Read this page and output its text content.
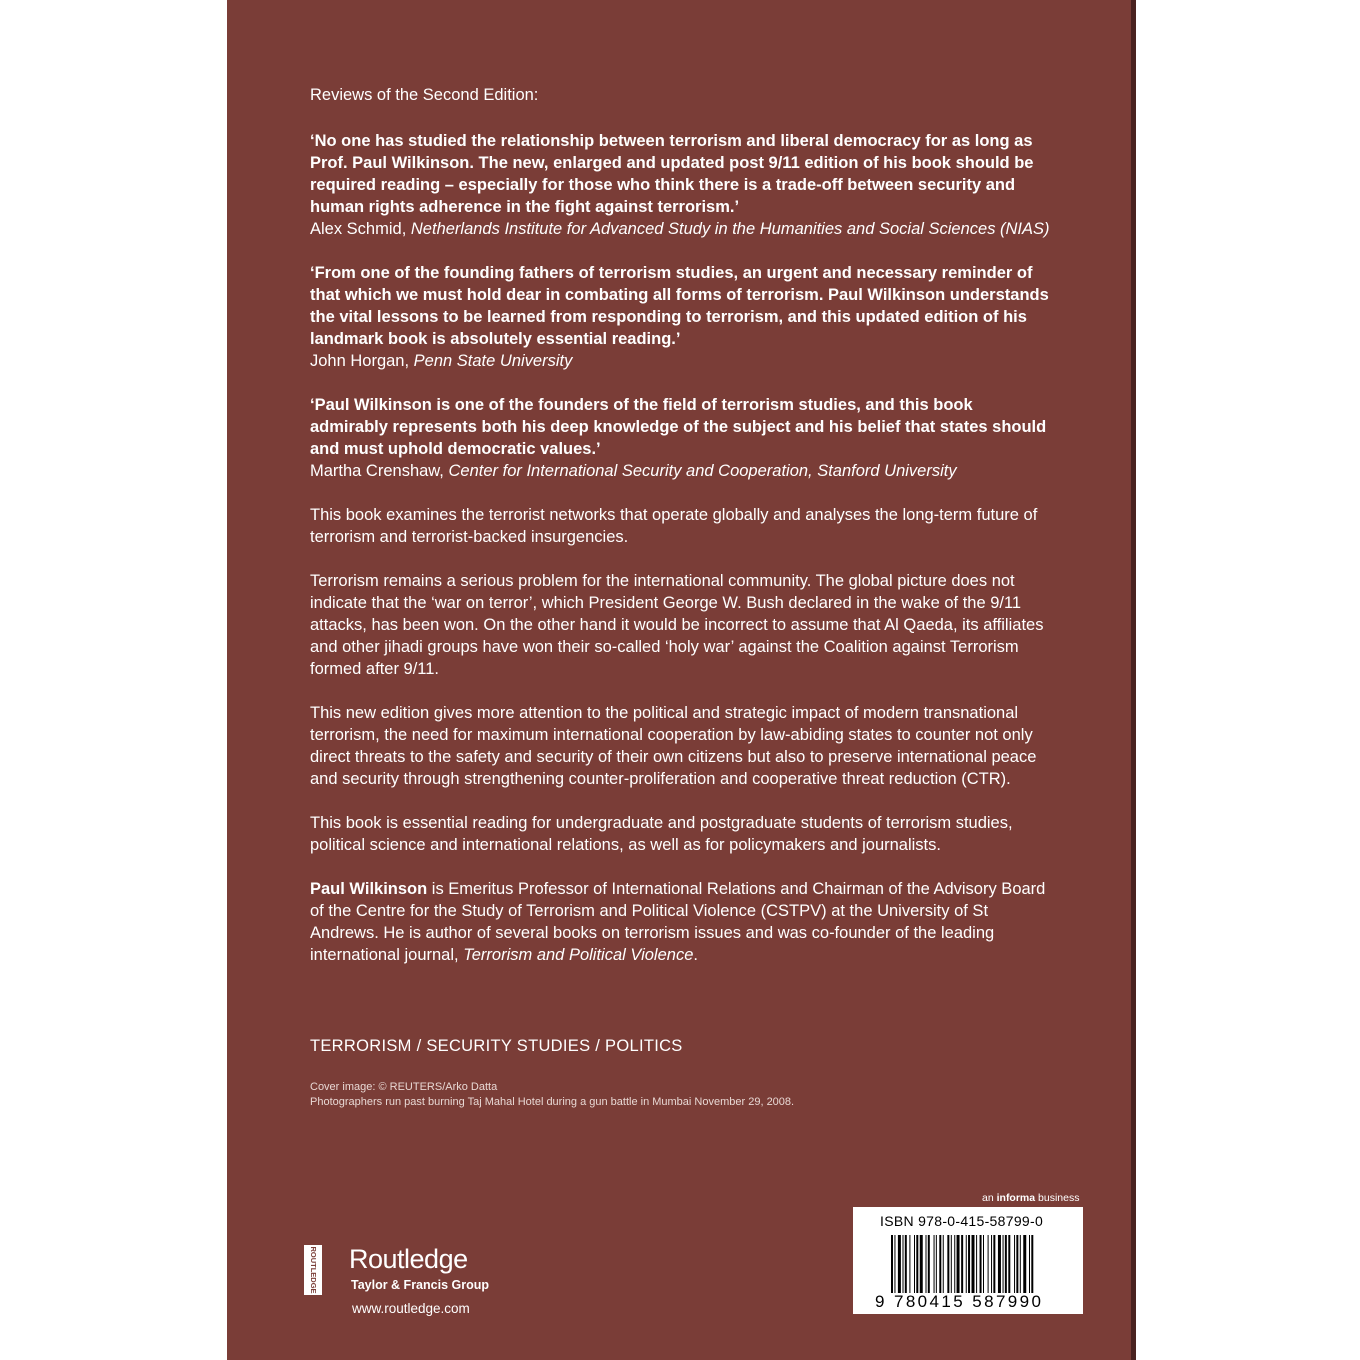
Reviews of the Second Edition:

‘No one has studied the relationship between terrorism and liberal democracy for as long as Prof. Paul Wilkinson. The new, enlarged and updated post 9/11 edition of his book should be required reading – especially for those who think there is a trade-off between security and human rights adherence in the fight against terrorism.’

Alex Schmid, Netherlands Institute for Advanced Study in the Humanities and Social Sciences (NIAS)

‘From one of the founding fathers of terrorism studies, an urgent and necessary reminder of that which we must hold dear in combating all forms of terrorism. Paul Wilkinson understands the vital lessons to be learned from responding to terrorism, and this updated edition of his landmark book is absolutely essential reading.’

John Horgan, Penn State University

‘Paul Wilkinson is one of the founders of the field of terrorism studies, and this book admirably represents both his deep knowledge of the subject and his belief that states should and must uphold democratic values.’

Martha Crenshaw, Center for International Security and Cooperation, Stanford University

This book examines the terrorist networks that operate globally and analyses the long-term future of terrorism and terrorist-backed insurgencies.

Terrorism remains a serious problem for the international community. The global picture does not indicate that the ‘war on terror’, which President George W. Bush declared in the wake of the 9/11 attacks, has been won. On the other hand it would be incorrect to assume that Al Qaeda, its affiliates and other jihadi groups have won their so-called ‘holy war’ against the Coalition against Terrorism formed after 9/11.

This new edition gives more attention to the political and strategic impact of modern transnational terrorism, the need for maximum international cooperation by law-abiding states to counter not only direct threats to the safety and security of their own citizens but also to preserve international peace and security through strengthening counter-proliferation and cooperative threat reduction (CTR).

This book is essential reading for undergraduate and postgraduate students of terrorism studies, political science and international relations, as well as for policymakers and journalists.

Paul Wilkinson is Emeritus Professor of International Relations and Chairman of the Advisory Board of the Centre for the Study of Terrorism and Political Violence (CSTPV) at the University of St Andrews. He is author of several books on terrorism issues and was co-founder of the leading international journal, Terrorism and Political Violence.

TERRORISM / SECURITY STUDIES / POLITICS

Cover image: © REUTERS/Arko Datta

Photographers run past burning Taj Mahal Hotel during a gun battle in Mumbai November 29, 2008.

an informa business
ISBN 978-0-415-58799-0
9 780415 587990
ROUTLEDGE Routledge
Taylor & Francis Group
www.routledge.com
